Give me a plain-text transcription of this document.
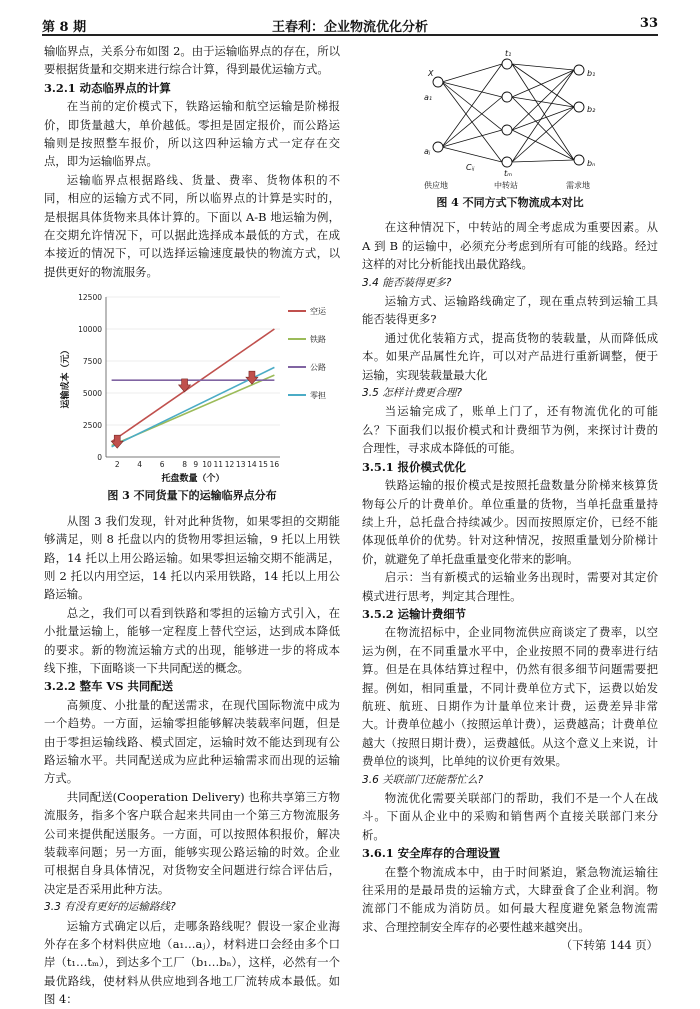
第 8 期	王春利：企业物流优化分析	33

输临界点，关系分布如图 2。由于运输临界点的存在，所以要根据货量和交期来进行综合计算，得到最优运输方式。

3.2.1 动态临界点的计算

在当前的定价模式下，铁路运输和航空运输是阶梯报价，即货量越大，单价越低。零担是固定报价，而公路运输则是按照整车报价，所以这四种运输方式一定存在交点，即为运输临界点。

运输临界点根据路线、货量、费率、货物体积的不同，相应的运输方式不同，所以临界点的计算是实时的，是根据具体货物来具体计算的。下面以 A-B 地运输为例，在交期允许情况下，可以据此选择成本最低的方式，在成本接近的情况下，可以选择运输速度最快的物流方式，以提供更好的物流服务。

0
2500
5000
7500
10000
12500
2 4 6 8 9 10 11 12 13 14 15 16
托盘数量（个）
运输成本（元）
空运
铁路
公路
零担
图 3 不同货量下的运输临界点分布

从图 3 我们发现，针对此种货物，如果零担的交期能够满足，则 8 托盘以内的货物用零担运输，9 托以上用铁路，14 托以上用公路运输。如果零担运输交期不能满足，则 2 托以内用空运，14 托以内采用铁路，14 托以上用公路运输。

总之，我们可以看到铁路和零担的运输方式引入，在小批量运输上，能够一定程度上替代空运，达到成本降低的要求。新的物流运输方式的出现，能够进一步的将成本线下推，下面略谈一下共同配送的概念。

3.2.2 整车 VS 共同配送

高频度、小批量的配送需求，在现代国际物流中成为一个趋势。一方面，运输零担能够解决装载率问题，但是由于零担运输线路、模式固定，运输时效不能达到现有公路运输水平。共同配送成为应此种运输需求而出现的运输方式。

共同配送(Cooperation Delivery) 也称共享第三方物流服务，指多个客户联合起来共同由一个第三方物流服务公司来提供配送服务。一方面，可以按照体积报价，解决装载率问题；另一方面，能够实现公路运输的时效。企业可根据自身具体情况，对货物安全问题进行综合评估后，决定是否采用此种方法。

3.3 有没有更好的运输路线?

运输方式确定以后，走哪条路线呢？假设一家企业海外存在多个材料供应地（a₁…aⱼ），材料进口会经由多个口岸（t₁…tₘ），到达多个工厂（b₁…bₙ），这样，必然有一个最优路线，使材料从供应地到各地工厂流转成本最低。如图 4：

X
a₁
aⱼ
Cᵢⱼ
t₁
tₘ
b₁
b₂
bₙ
供应地	中转站	需求地
图 4 不同方式下物流成本对比

在这种情况下，中转站的周全考虑成为重要因素。从 A 到 B 的运输中，必须充分考虑到所有可能的线路。经过这样的对比分析能找出最优路线。

3.4 能否装得更多?

运输方式、运输路线确定了，现在重点转到运输工具能否装得更多?

通过优化装箱方式，提高货物的装载量，从而降低成本。如果产品属性允许，可以对产品进行重新调整，便于运输，实现装载量最大化

3.5 怎样计费更合理?

当运输完成了，账单上门了，还有物流优化的可能么？下面我们以报价模式和计费细节为例，来探讨计费的合理性，寻求成本降低的可能。

3.5.1 报价模式优化

铁路运输的报价模式是按照托盘数量分阶梯来核算货物每公斤的计费单价。单位重量的货物，当单托盘重量持续上升，总托盘合持续减少。因而按照原定价，已经不能体现低单价的优势。针对这种情况，按照重量划分阶梯计价，就避免了单托盘重量变化带来的影响。

启示：当有新模式的运输业务出现时，需要对其定价模式进行思考，判定其合理性。

3.5.2 运输计费细节

在物流招标中，企业同物流供应商谈定了费率，以空运为例，在不同重量水平中，企业按照不同的费率进行结算。但是在具体结算过程中，仍然有很多细节问题需要把握。例如，相同重量，不同计费单位方式下，运费以始发航班、航班、日期作为计量单位来计费，运费差异非常大。计费单位越小（按照运单计费），运费越高；计费单位越大（按照日期计费），运费越低。从这个意义上来说，计费单位的谈判，比单纯的议价更有效果。

3.6 关联部门还能帮忙么?

物流优化需要关联部门的帮助，我们不是一个人在战斗。下面从企业中的采购和销售两个直接关联部门来分析。

3.6.1 安全库存的合理设置

在整个物流成本中，由于时间紧迫，紧急物流运输往往采用的是最昂贵的运输方式，大肆蚕食了企业利润。物流部门不能成为消防员。如何最大程度避免紧急物流需求、合理控制安全库存的必要性越来越突出。

（下转第 144 页）
